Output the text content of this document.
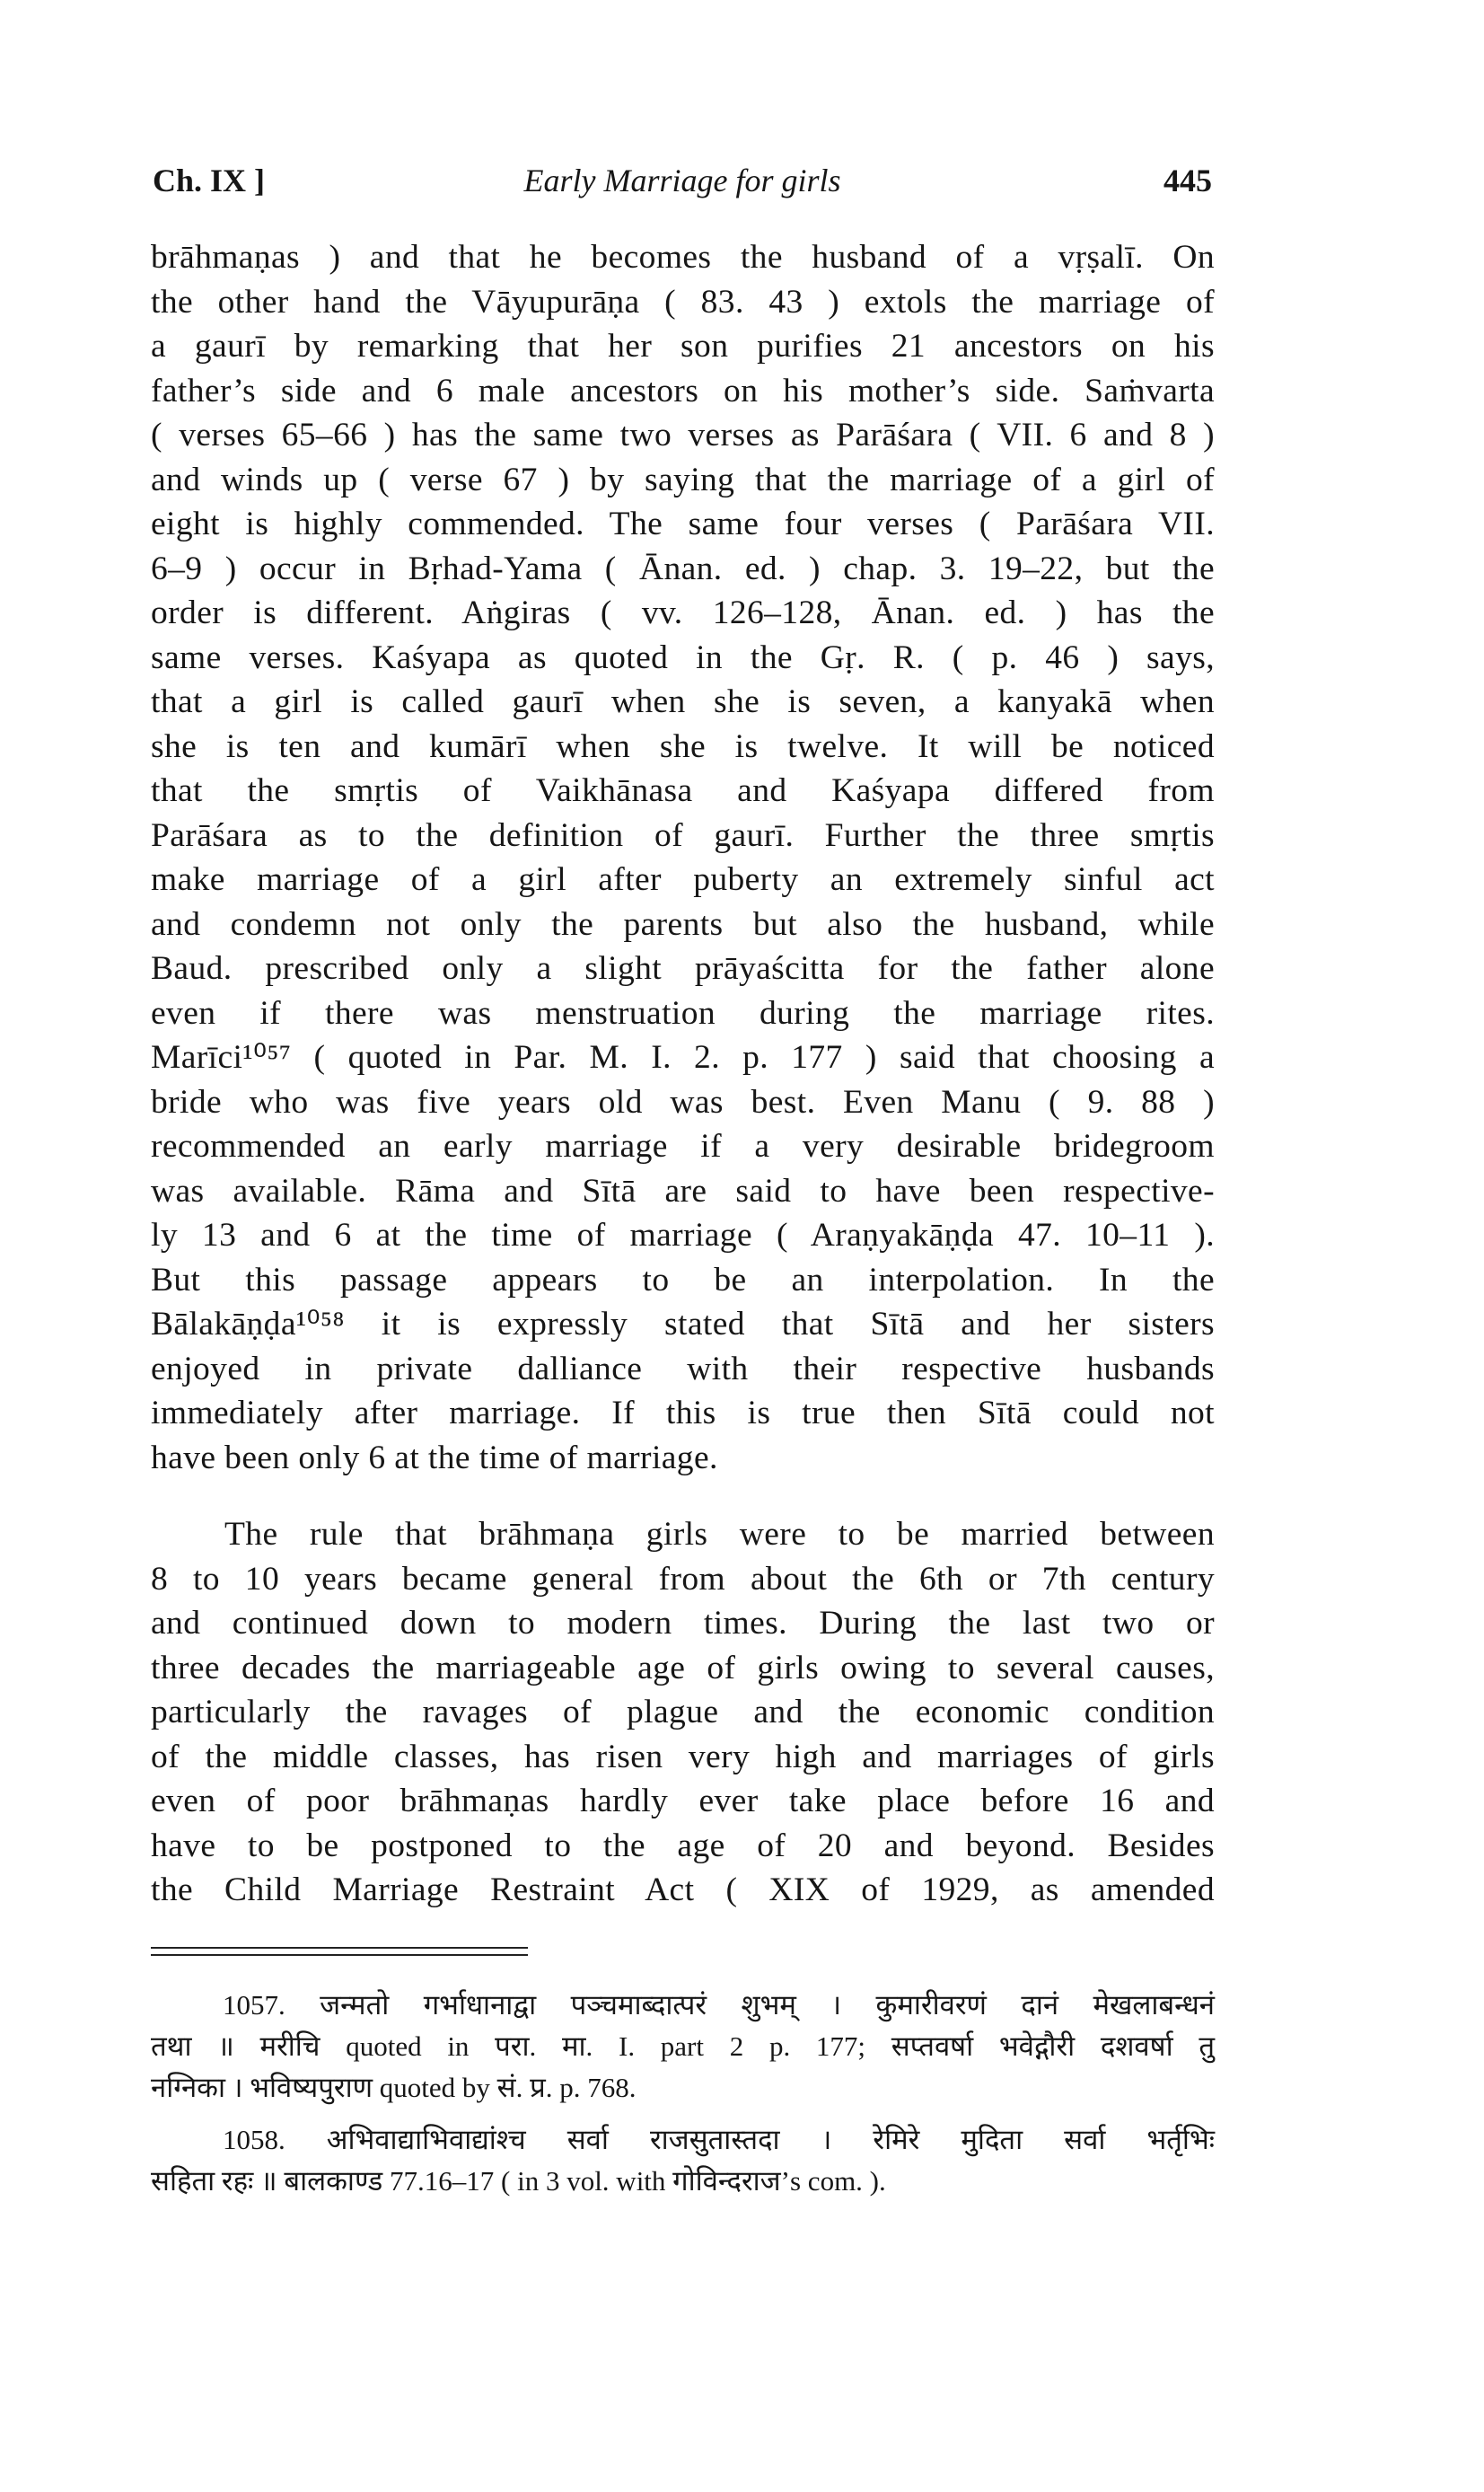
Ch. IX ]	Early Marriage for girls	445
brāhmaṇas ) and that he becomes the husband of a vṛṣalī. On
the other hand the Vāyupurāṇa ( 83. 43 ) extols the marriage of
a gaurī by remarking that her son purifies 21 ancestors on his
father’s side and 6 male ancestors on his mother’s side. Saṁvarta
( verses 65–66 ) has the same two verses as Parāśara ( VII. 6 and 8 )
and winds up ( verse 67 ) by saying that the marriage of a girl of
eight is highly commended. The same four verses ( Parāśara VII.
6–9 ) occur in Bṛhad-Yama ( Ānan. ed. ) chap. 3. 19–22, but the
order is different. Aṅgiras ( vv. 126–128, Ānan. ed. ) has the
same verses. Kaśyapa as quoted in the Gṛ. R. ( p. 46 ) says,
that a girl is called gaurī when she is seven, a kanyakā when
she is ten and kumārī when she is twelve. It will be noticed
that the smṛtis of Vaikhānasa and Kaśyapa differed from
Parāśara as to the definition of gaurī. Further the three smṛtis
make marriage of a girl after puberty an extremely sinful act
and condemn not only the parents but also the husband, while
Baud. prescribed only a slight prāyaścitta for the father alone
even if there was menstruation during the marriage rites.
Marīci¹⁰⁵⁷ ( quoted in Par. M. I. 2. p. 177 ) said that choosing a
bride who was five years old was best. Even Manu ( 9. 88 )
recommended an early marriage if a very desirable bridegroom
was available. Rāma and Sītā are said to have been respective-
ly 13 and 6 at the time of marriage ( Araṇyakāṇḍa 47. 10–11 ).
But this passage appears to be an interpolation. In the
Bālakāṇḍa¹⁰⁵⁸ it is expressly stated that Sītā and her sisters
enjoyed in private dalliance with their respective husbands
immediately after marriage. If this is true then Sītā could not
have been only 6 at the time of marriage.
The rule that brāhmaṇa girls were to be married between
8 to 10 years became general from about the 6th or 7th century
and continued down to modern times. During the last two or
three decades the marriageable age of girls owing to several causes,
particularly the ravages of plague and the economic condition
of the middle classes, has risen very high and marriages of girls
even of poor brāhmaṇas hardly ever take place before 16 and
have to be postponed to the age of 20 and beyond. Besides
the Child Marriage Restraint Act ( XIX of 1929, as amended
1057. जन्मतो गर्भाधानाद्वा पञ्चमाब्दात्परं शुभम् । कुमारीवरणं दानं मेखलाबन्धनं
तथा ॥ मरीचि quoted in परा. मा. I. part 2 p. 177; सप्तवर्षा भवेद्गौरी दशवर्षा तु
नग्निका । भविष्यपुराण quoted by सं. प्र. p. 768.
1058. अभिवाद्याभिवाद्यांश्च सर्वा राजसुतास्तदा । रेमिरे मुदिता सर्वा भर्तृभिः
सहिता रहः ॥ बालकाण्ड 77.16–17 ( in 3 vol. with गोविन्दराज’s com. ).
